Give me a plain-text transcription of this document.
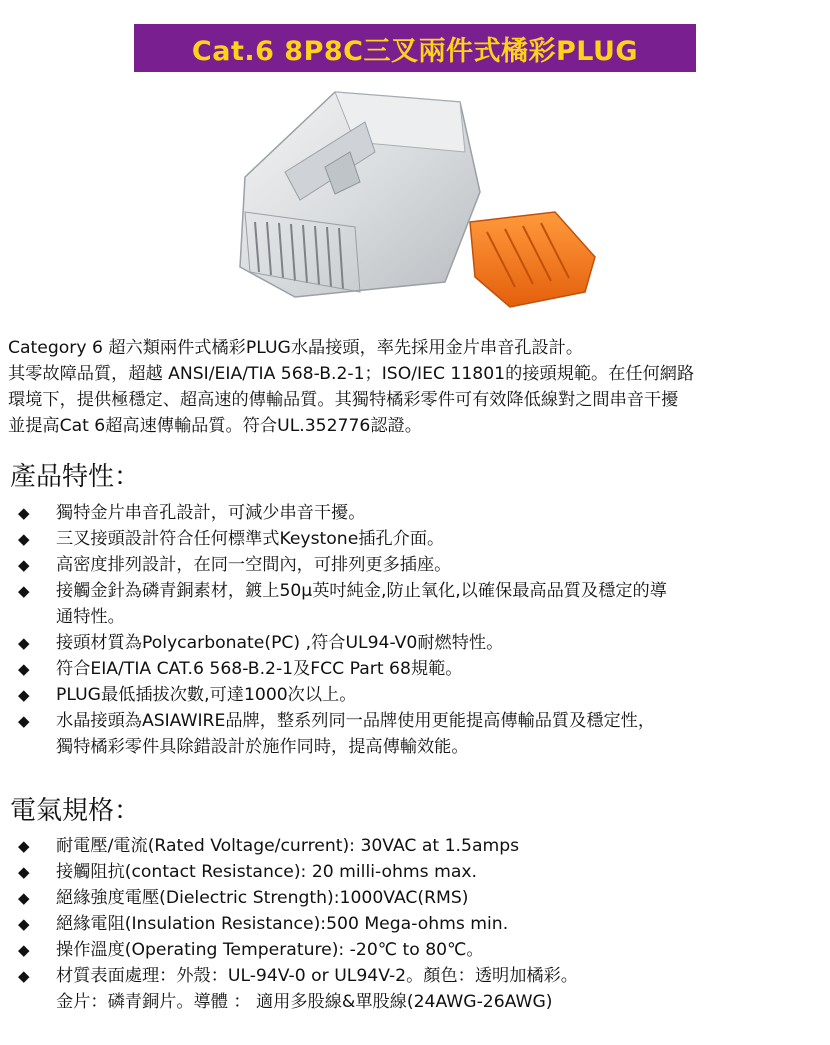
Cat.6 8P8C三叉兩件式橘彩PLUG
Category 6 超六類兩件式橘彩PLUG水晶接頭，率先採用金片串音孔設計。
其零故障品質，超越 ANSI/EIA/TIA 568-B.2-1；ISO/IEC 11801的接頭規範。在任何網路
環境下，提供極穩定、超高速的傳輸品質。其獨特橘彩零件可有效降低線對之間串音干擾
並提高Cat 6超高速傳輸品質。符合UL.352776認證。
產品特性：
◆	獨特金片串音孔設計，可減少串音干擾。
◆	三叉接頭設計符合任何標準式Keystone插孔介面。
◆	高密度排列設計，在同一空間內，可排列更多插座。
◆	接觸金針為磷青銅素材，鍍上50μ英吋純金,防止氧化,以確保最高品質及穩定的導
通特性。
◆	接頭材質為Polycarbonate(PC) ,符合UL94-V0耐燃特性。
◆	符合EIA/TIA CAT.6 568-B.2-1及FCC Part 68規範。
◆	PLUG最低插拔次數,可達1000次以上。
◆	水晶接頭為ASIAWIRE品牌，整系列同一品牌使用更能提高傳輸品質及穩定性，
獨特橘彩零件具除錯設計於施作同時，提高傳輸效能。
電氣規格：
◆	耐電壓/電流(Rated Voltage/current): 30VAC at 1.5amps
◆	接觸阻抗(contact Resistance): 20 milli-ohms max.
◆	絕緣強度電壓(Dielectric Strength):1000VAC(RMS)
◆	絕緣電阻(Insulation Resistance):500 Mega-ohms min.
◆	操作溫度(Operating Temperature): -20℃ to 80℃。
◆	材質表面處理：外殼：UL-94V-0 or UL94V-2。顏色：透明加橘彩。
金片：磷青銅片。導體 ： 適用多股線&單股線(24AWG-26AWG)
